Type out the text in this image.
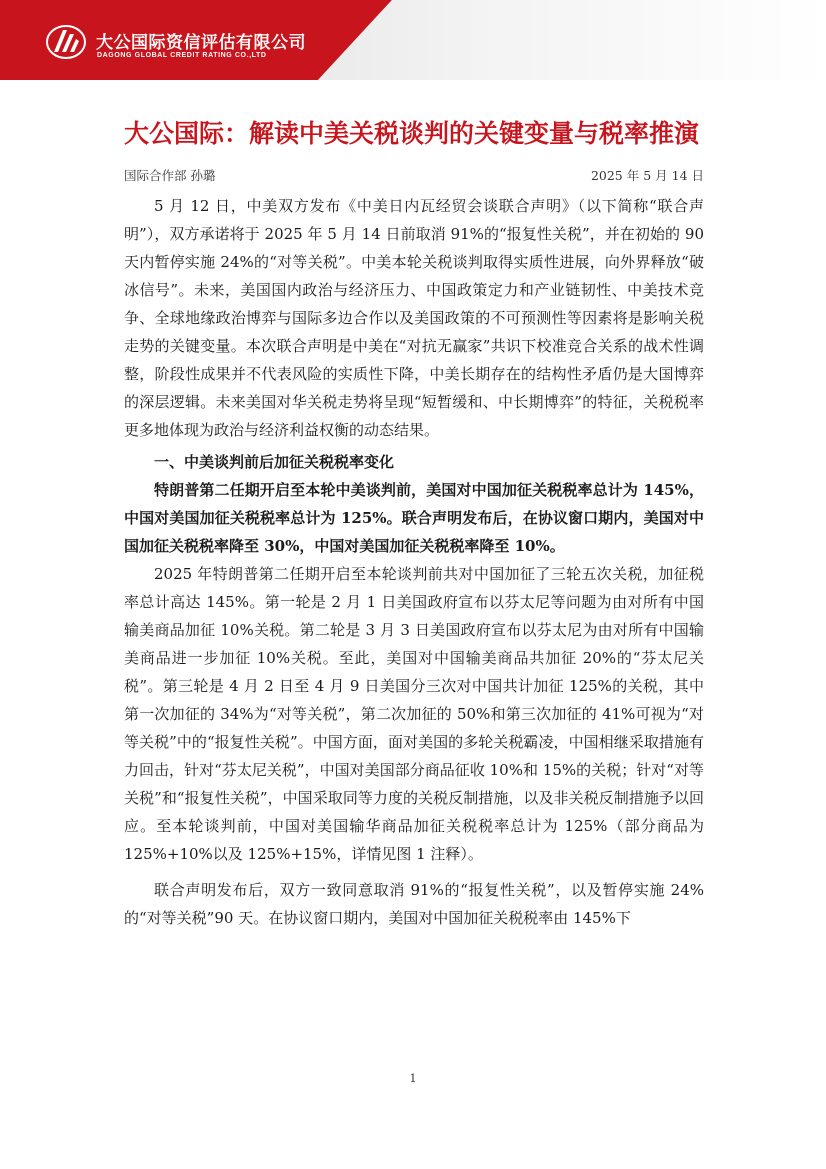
大公国际资信评估有限公司
DAGONG GLOBAL CREDIT RATING CO.,LTD
大公国际：解读中美关税谈判的关键变量与税率推演
国际合作部 孙璐	2025 年 5 月 14 日

5 月 12 日，中美双方发布《中美日内瓦经贸会谈联合声明》（以下简称“联合声明”），双方承诺将于 2025 年 5 月 14 日前取消 91%的“报复性关税”，并在初始的 90 天内暂停实施 24%的“对等关税”。中美本轮关税谈判取得实质性进展，向外界释放“破冰信号”。未来，美国国内政治与经济压力、中国政策定力和产业链韧性、中美技术竞争、全球地缘政治博弈与国际多边合作以及美国政策的不可预测性等因素将是影响关税走势的关键变量。本次联合声明是中美在“对抗无赢家”共识下校准竞合关系的战术性调整，阶段性成果并不代表风险的实质性下降，中美长期存在的结构性矛盾仍是大国博弈的深层逻辑。未来美国对华关税走势将呈现“短暂缓和、中长期博弈”的特征，关税税率更多地体现为政治与经济利益权衡的动态结果。

一、中美谈判前后加征关税税率变化

特朗普第二任期开启至本轮中美谈判前，美国对中国加征关税税率总计为 145%，中国对美国加征关税税率总计为 125%。联合声明发布后，在协议窗口期内，美国对中国加征关税税率降至 30%，中国对美国加征关税税率降至 10%。

2025 年特朗普第二任期开启至本轮谈判前共对中国加征了三轮五次关税，加征税率总计高达 145%。第一轮是 2 月 1 日美国政府宣布以芬太尼等问题为由对所有中国输美商品加征 10%关税。第二轮是 3 月 3 日美国政府宣布以芬太尼为由对所有中国输美商品进一步加征 10%关税。至此，美国对中国输美商品共加征 20%的“芬太尼关税”。第三轮是 4 月 2 日至 4 月 9 日美国分三次对中国共计加征 125%的关税，其中第一次加征的 34%为“对等关税”，第二次加征的 50%和第三次加征的 41%可视为“对等关税”中的“报复性关税”。中国方面，面对美国的多轮关税霸凌，中国相继采取措施有力回击，针对“芬太尼关税”，中国对美国部分商品征收 10%和 15%的关税；针对“对等关税”和“报复性关税”，中国采取同等力度的关税反制措施，以及非关税反制措施予以回应。至本轮谈判前，中国对美国输华商品加征关税税率总计为 125%（部分商品为 125%+10%以及 125%+15%，详情见图 1 注释）。

联合声明发布后，双方一致同意取消 91%的“报复性关税”，以及暂停实施 24%的“对等关税”90 天。在协议窗口期内，美国对中国加征关税税率由 145%下

1
